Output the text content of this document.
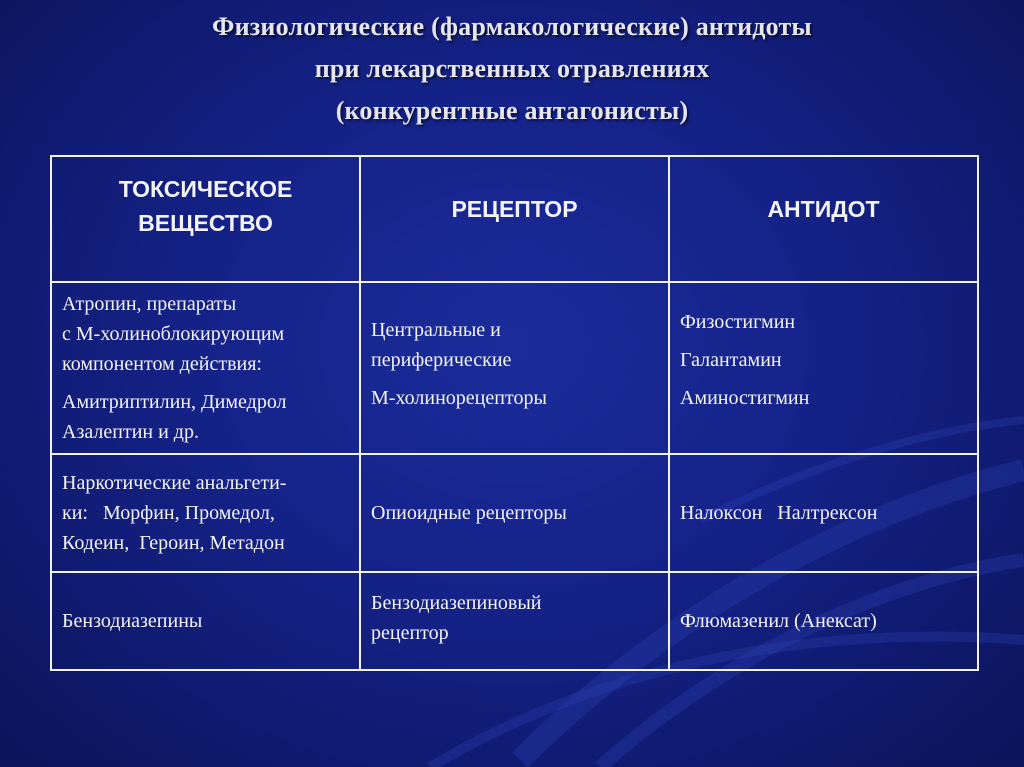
Физиологические (фармакологические) антидоты
при лекарственных отравлениях
(конкурентные антагонисты)
ТОКСИЧЕСКОЕ
ВЕЩЕСТВО	РЕЦЕПТОР	АНТИДОТ

Атропин, препараты
с М-холиноблокирующим
компонентом действия:
Амитриптилин, Димедрол
Азалептин и др.	Центральные и
периферические
М-холинорецепторы	Физостигмин
Галантамин
Аминостигмин

Наркотические анальгети-
ки:   Морфин, Промедол,
Кодеин,  Героин, Метадон	Опиоидные рецепторы	Налоксон   Налтрексон

Бензодиазепины	Бензодиазепиновый
рецептор	Флюмазенил (Анексат)
